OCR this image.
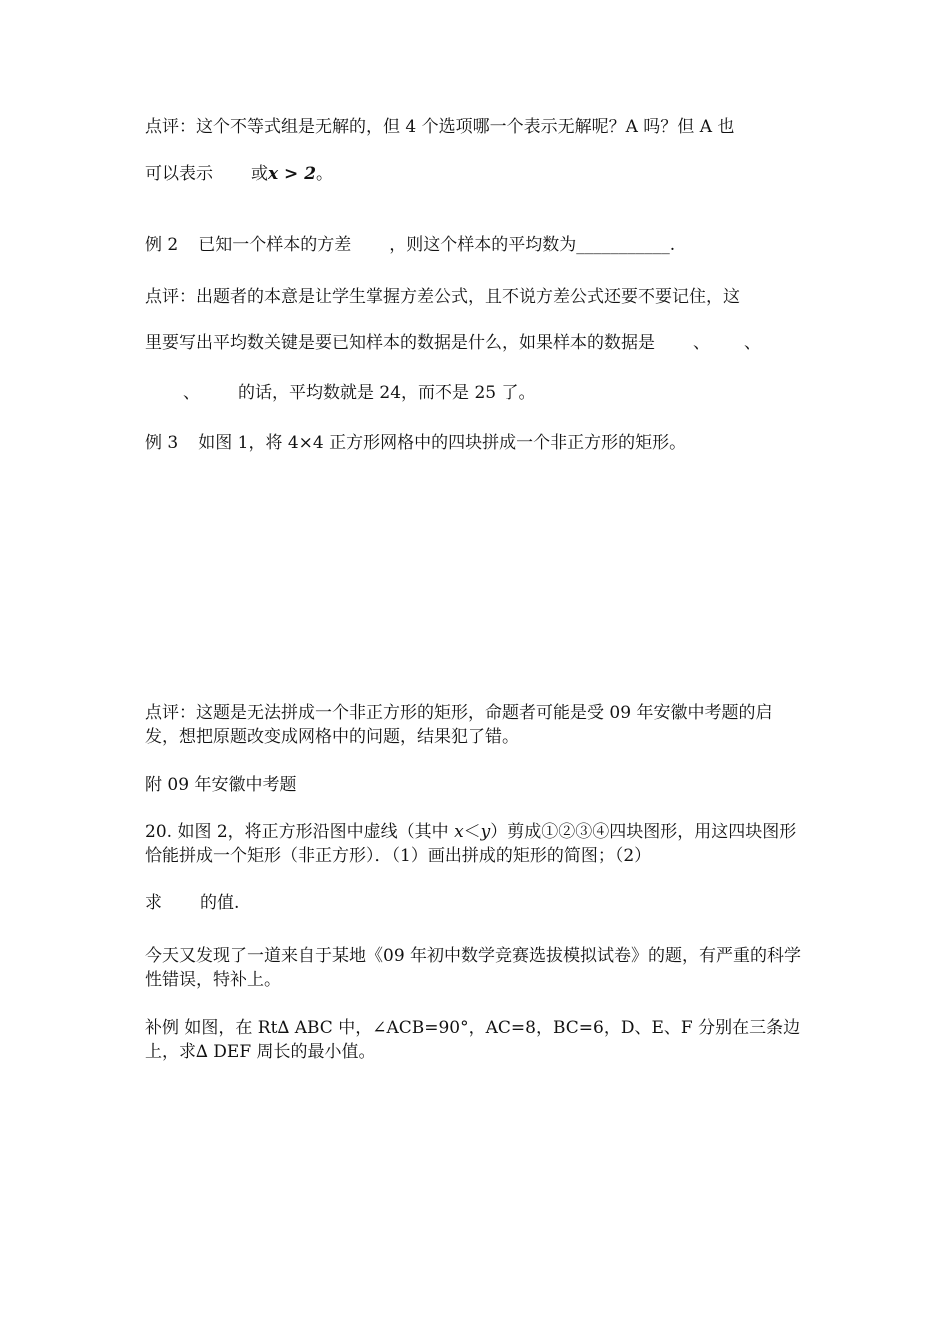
点评：这个不等式组是无解的，但 4 个选项哪一个表示无解呢？A 吗？但 A 也
可以表示 或x > 2。
例 2 已知一个样本的方差 ，则这个样本的平均数为___________.
点评：出题者的本意是让学生掌握方差公式，且不说方差公式还要不要记住，这
里要写出平均数关键是要已知样本的数据是什么，如果样本的数据是 、 、
、 的话，平均数就是 24，而不是 25 了。
例 3 如图 1，将 4×4 正方形网格中的四块拼成一个非正方形的矩形。
点评：这题是无法拼成一个非正方形的矩形，命题者可能是受 09 年安徽中考题的启发，想把原题改变成网格中的问题，结果犯了错。
附 09 年安徽中考题
20. 如图 2，将正方形沿图中虚线（其中 x＜y）剪成①②③④四块图形，用这四块图形恰能拼成一个矩形（非正方形）．（1）画出拼成的矩形的简图；（2）
求 的值.
今天又发现了一道来自于某地《09 年初中数学竞赛选拔模拟试卷》的题，有严重的科学性错误，特补上。
补例 如图，在 Rt∆ ABC 中，∠ACB=90°，AC=8，BC=6，D、E、F 分别在三条边上，求∆ DEF 周长的最小值。
